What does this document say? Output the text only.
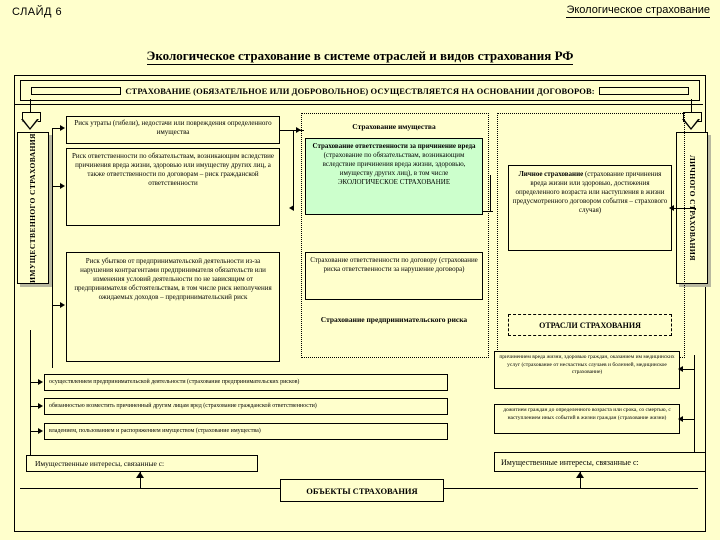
СЛАЙД 6	Экологическое страхование
Экологическое страхование в системе отраслей и видов страхования РФ
СТРАХОВАНИЕ (ОБЯЗАТЕЛЬНОЕ ИЛИ ДОБРОВОЛЬНОЕ) ОСУЩЕСТВЛЯЕТСЯ НА ОСНОВАНИИ ДОГОВОРОВ:
ИМУЩЕСТВЕННОГО СТРАХОВАНИЯ	ЛИЧНОГО СТРАХОВАНИЯ
Риск утраты (гибели), недостачи или повреждения определенного имущества
Риск ответственности по обязательствам, возникающим вследствие причинения вреда жизни, здоровью или имуществу других лиц, а также ответственности по договорам – риск гражданской ответственности
Риск убытков от предпринимательской деятельности из-за нарушения контрагентами предпринимателя обязательств или изменения условий деятельности по не зависящим от предпринимателя обстоятельствам, в том числе риск неполучения ожидаемых доходов – предпринимательский риск
Страхование имущества
Страхование ответственности за причинение вреда (страхование по обязательствам, возникающим вследствие причинения вреда жизни, здоровью, имуществу других лиц), в том числе ЭКОЛОГИЧЕСКОЕ СТРАХОВАНИЕ
Страхование ответственности по договору (страхование риска ответственности за нарушение договора)
Страхование предпринимательского риска
Личное страхование (страхование причинения вреда жизни или здоровью, достижения определенного возраста или наступления в жизни предусмотренного договором события – страхового случая)
ОТРАСЛИ СТРАХОВАНИЯ
осуществлением предпринимательской деятельности (страхование предпринимательских рисков)
обязанностью возместить причиненный другим лицам вред (страхование гражданской ответственности)
владением, пользованием и распоряжением имуществом (страхование имущества)
Имущественные интересы, связанные с:
причинением вреда жизни, здоровью граждан, оказанием им медицинских услуг (страхование от несчастных случаев и болезней, медицинское страхование)
дожитием граждан до определенного возраста или срока, со смертью, с наступлением иных событий в жизни граждан (страхование жизни)
Имущественные интересы, связанные с:
ОБЪЕКТЫ СТРАХОВАНИЯ
